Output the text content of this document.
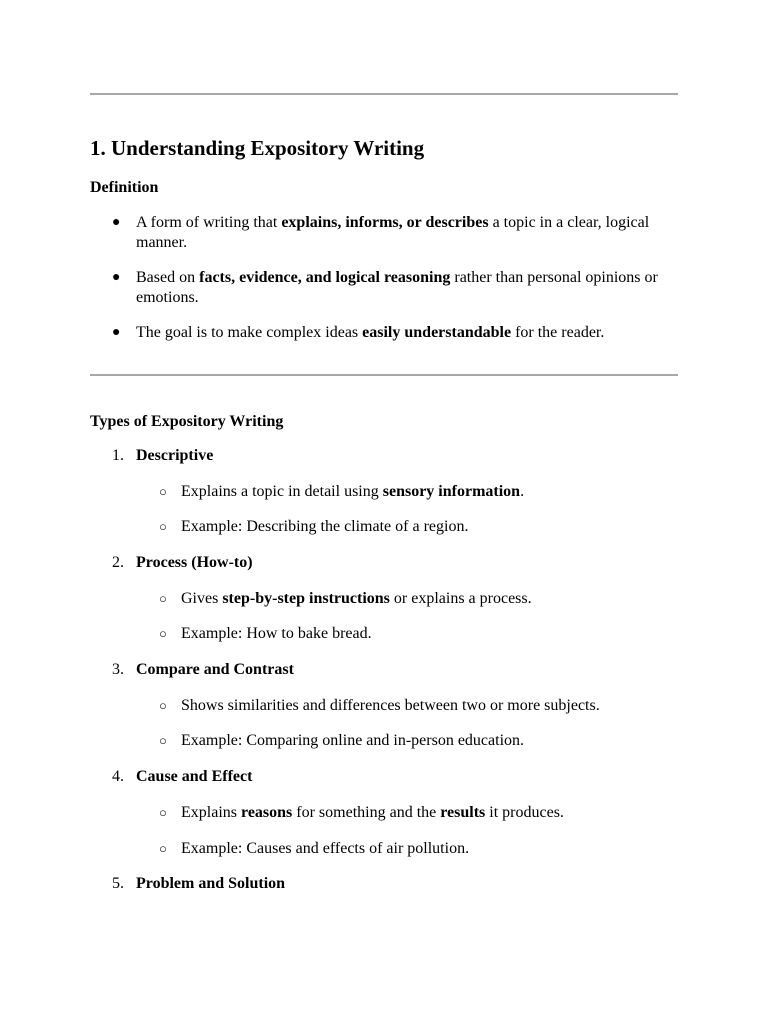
1. Understanding Expository Writing
Definition
● A form of writing that explains, informs, or describes a topic in a clear, logical manner.
● Based on facts, evidence, and logical reasoning rather than personal opinions or emotions.
● The goal is to make complex ideas easily understandable for the reader.
Types of Expository Writing
1. Descriptive
○ Explains a topic in detail using sensory information.
○ Example: Describing the climate of a region.
2. Process (How-to)
○ Gives step-by-step instructions or explains a process.
○ Example: How to bake bread.
3. Compare and Contrast
○ Shows similarities and differences between two or more subjects.
○ Example: Comparing online and in-person education.
4. Cause and Effect
○ Explains reasons for something and the results it produces.
○ Example: Causes and effects of air pollution.
5. Problem and Solution
